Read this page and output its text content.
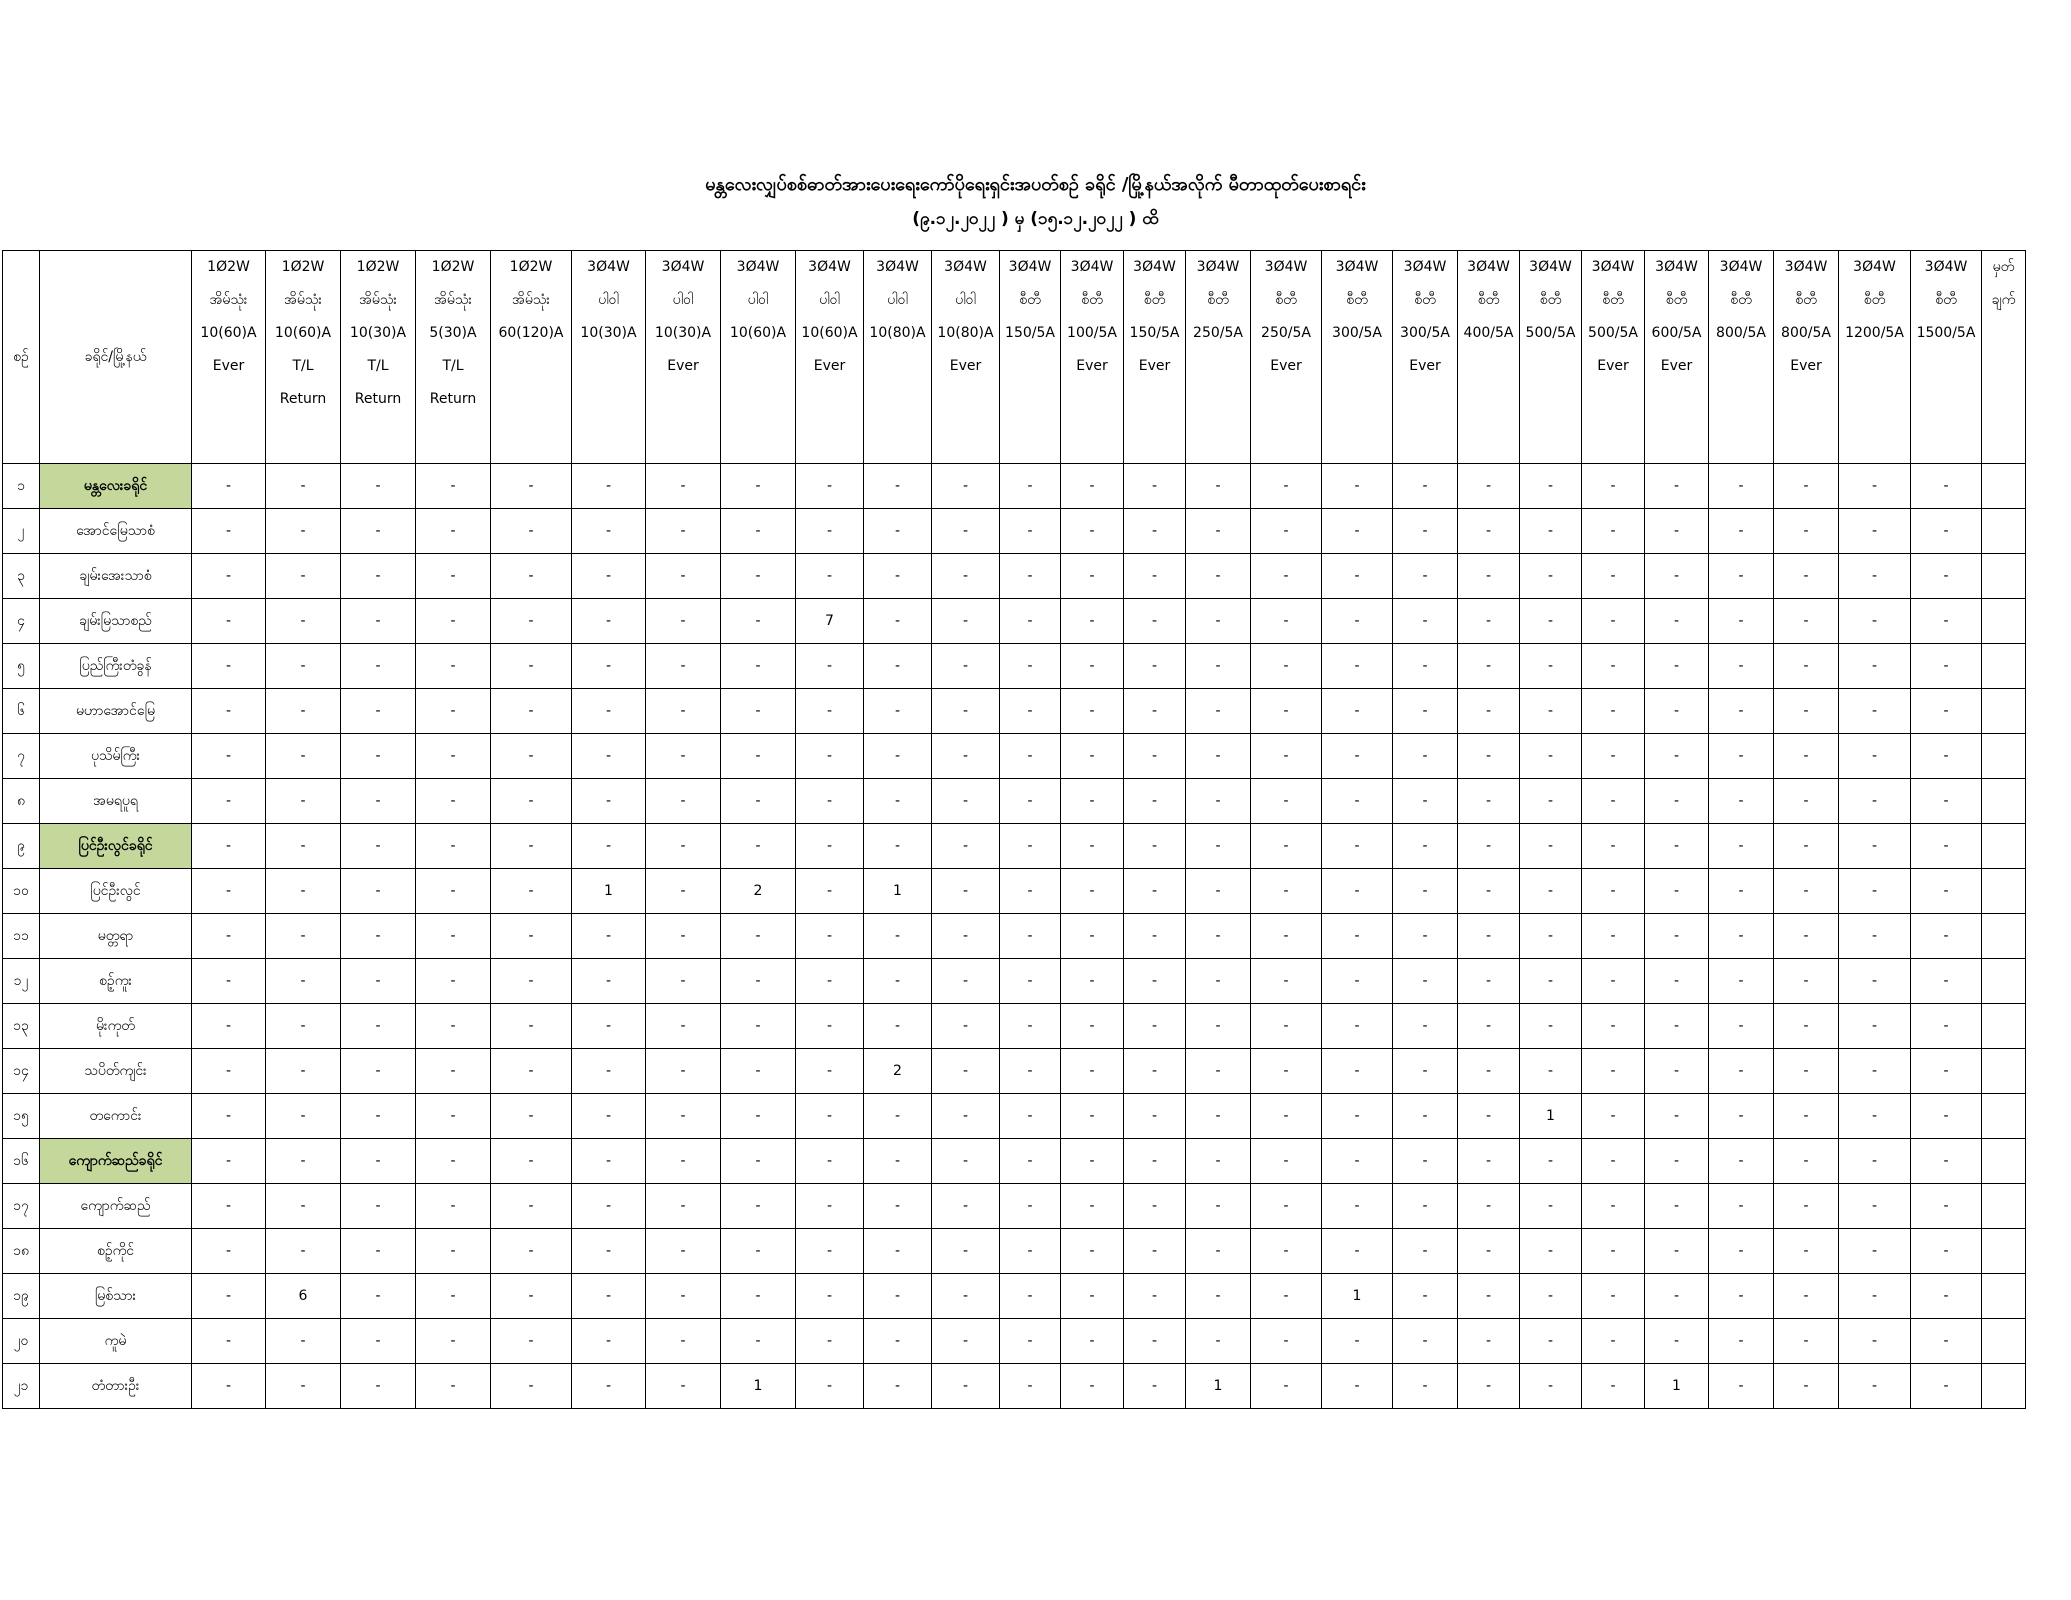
မန္တလေးလျှပ်စစ်ဓာတ်အားပေးရေးကော်ပိုရေးရှင်းအပတ်စဉ် ခရိုင် /မြို့နယ်အလိုက် မီတာထုတ်ပေးစာရင်း
(၉.၁၂.၂၀၂၂ ) မှ (၁၅.၁၂.၂၀၂၂ ) ထိ
စဉ်	ခရိုင်/မြို့နယ်	1Ø2W
အိမ်သုံး
10(60)A
Ever	1Ø2W
အိမ်သုံး
10(60)A
T/L
Return	1Ø2W
အိမ်သုံး
10(30)A
T/L
Return	1Ø2W
အိမ်သုံး
5(30)A
T/L
Return	1Ø2W
အိမ်သုံး
60(120)A	3Ø4W
ပါဝါ
10(30)A	3Ø4W
ပါဝါ
10(30)A
Ever	3Ø4W
ပါဝါ
10(60)A	3Ø4W
ပါဝါ
10(60)A
Ever	3Ø4W
ပါဝါ
10(80)A	3Ø4W
ပါဝါ
10(80)A
Ever	3Ø4W
စီတီ
150/5A	3Ø4W
စီတီ
100/5A
Ever	3Ø4W
စီတီ
150/5A
Ever	3Ø4W
စီတီ
250/5A	3Ø4W
စီတီ
250/5A
Ever	3Ø4W
စီတီ
300/5A	3Ø4W
စီတီ
300/5A
Ever	3Ø4W
စီတီ
400/5A	3Ø4W
စီတီ
500/5A	3Ø4W
စီတီ
500/5A
Ever	3Ø4W
စီတီ
600/5A
Ever	3Ø4W
စီတီ
800/5A	3Ø4W
စီတီ
800/5A
Ever	3Ø4W
စီတီ
1200/5A	3Ø4W
စီတီ
1500/5A	မှတ်
ချက်

၁	မန္တလေးခရိုင်	-	-	-	-	-	-	-	-	-	-	-	-	-	-	-	-	-	-	-	-	-	-	-	-	-	-	
၂	အောင်မြေသာစံ	-	-	-	-	-	-	-	-	-	-	-	-	-	-	-	-	-	-	-	-	-	-	-	-	-	-	
၃	ချမ်းအေးသာစံ	-	-	-	-	-	-	-	-	-	-	-	-	-	-	-	-	-	-	-	-	-	-	-	-	-	-	
၄	ချမ်းမြသာစည်	-	-	-	-	-	-	-	-	7	-	-	-	-	-	-	-	-	-	-	-	-	-	-	-	-	-	
၅	ပြည်ကြီးတံခွန်	-	-	-	-	-	-	-	-	-	-	-	-	-	-	-	-	-	-	-	-	-	-	-	-	-	-	
၆	မဟာအောင်မြေ	-	-	-	-	-	-	-	-	-	-	-	-	-	-	-	-	-	-	-	-	-	-	-	-	-	-	
၇	ပုသိမ်ကြီး	-	-	-	-	-	-	-	-	-	-	-	-	-	-	-	-	-	-	-	-	-	-	-	-	-	-	
၈	အမရပူရ	-	-	-	-	-	-	-	-	-	-	-	-	-	-	-	-	-	-	-	-	-	-	-	-	-	-	
၉	ပြင်ဦးလွင်ခရိုင်	-	-	-	-	-	-	-	-	-	-	-	-	-	-	-	-	-	-	-	-	-	-	-	-	-	-	
၁၀	ပြင်ဦးလွင်	-	-	-	-	-	1	-	2	-	1	-	-	-	-	-	-	-	-	-	-	-	-	-	-	-	-	
၁၁	မတ္တရာ	-	-	-	-	-	-	-	-	-	-	-	-	-	-	-	-	-	-	-	-	-	-	-	-	-	-	
၁၂	စဥ့်ကူး	-	-	-	-	-	-	-	-	-	-	-	-	-	-	-	-	-	-	-	-	-	-	-	-	-	-	
၁၃	မိုးကုတ်	-	-	-	-	-	-	-	-	-	-	-	-	-	-	-	-	-	-	-	-	-	-	-	-	-	-	
၁၄	သပိတ်ကျင်း	-	-	-	-	-	-	-	-	-	2	-	-	-	-	-	-	-	-	-	-	-	-	-	-	-	-	
၁၅	တကောင်း	-	-	-	-	-	-	-	-	-	-	-	-	-	-	-	-	-	-	-	1	-	-	-	-	-	-	
၁၆	ကျောက်ဆည်ခရိုင်	-	-	-	-	-	-	-	-	-	-	-	-	-	-	-	-	-	-	-	-	-	-	-	-	-	-	
၁၇	ကျောက်ဆည်	-	-	-	-	-	-	-	-	-	-	-	-	-	-	-	-	-	-	-	-	-	-	-	-	-	-	
၁၈	စဥ့်ကိုင်	-	-	-	-	-	-	-	-	-	-	-	-	-	-	-	-	-	-	-	-	-	-	-	-	-	-	
၁၉	မြစ်သား	-	6	-	-	-	-	-	-	-	-	-	-	-	-	-	-	1	-	-	-	-	-	-	-	-	-	
၂၀	ကူမဲ	-	-	-	-	-	-	-	-	-	-	-	-	-	-	-	-	-	-	-	-	-	-	-	-	-	-	
၂၁	တံတားဦး	-	-	-	-	-	-	-	1	-	-	-	-	-	-	1	-	-	-	-	-	-	1	-	-	-	-	
